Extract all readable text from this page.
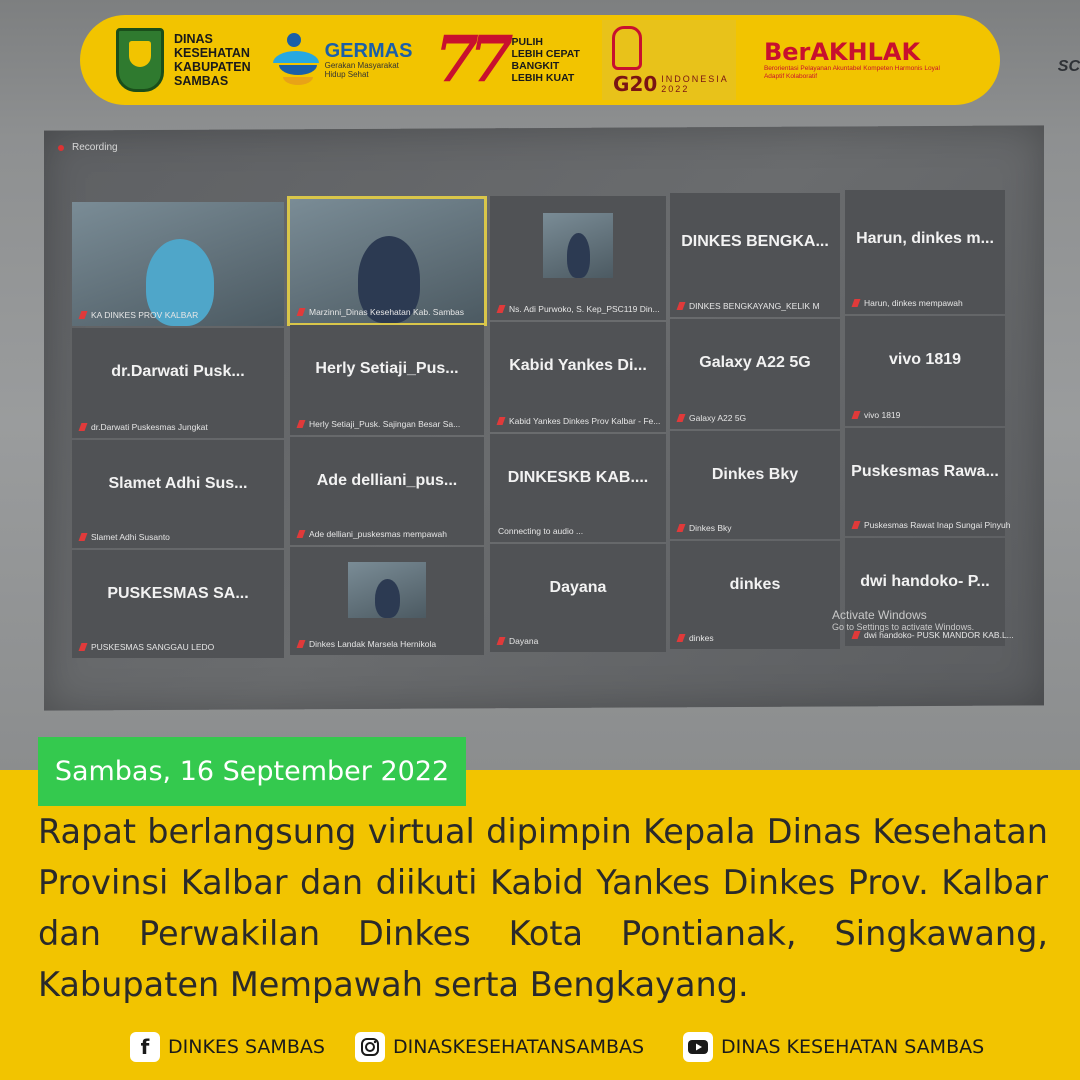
SC
DINAS
KESEHATAN
KABUPATEN
SAMBAS
GERMAS
Gerakan Masyarakat
Hidup Sehat	77 PULIH
LEBIH CEPAT
BANGKIT
LEBIH KUAT G20 INDONESIA
2022
BerAKHLAK
Berorientasi Pelayanan Akuntabel Kompeten Harmonis Loyal Adaptif Kolaboratif
Recording
KA DINKES PROV KALBAR	Marzinni_Dinas Kesehatan Kab. Sambas	Ns. Adi Purwoko, S. Kep_PSC119 Din...
DINKES BENGKA...
DINKES BENGKAYANG_KELIK M
Harun, dinkes m...
Harun, dinkes mempawah
dr.Darwati Pusk...
dr.Darwati Puskesmas Jungkat
Herly Setiaji_Pus...
Herly Setiaji_Pusk. Sajingan Besar Sa...
Kabid Yankes Di...
Kabid Yankes Dinkes Prov Kalbar - Fe...
Galaxy A22 5G
Galaxy A22 5G
vivo 1819
vivo 1819
Slamet Adhi Sus...
Slamet Adhi Susanto
Ade delliani_pus...
Ade delliani_puskesmas mempawah
DINKESKB KAB....
Connecting to audio ...
Dinkes Bky
Dinkes Bky
Puskesmas Rawa...
Puskesmas Rawat Inap Sungai Pinyuh
PUSKESMAS SA...
PUSKESMAS SANGGAU LEDO	Dinkes Landak Marsela Hernikola
Dayana
Dayana
dinkes
dinkes
dwi handoko- P...
dwi handoko- PUSK MANDOR KAB.L...
Activate Windows
Go to Settings to activate Windows.
Sambas, 16 September 2022
Rapat berlangsung virtual dipimpin Kepala Dinas Kesehatan Provinsi Kalbar dan diikuti Kabid Yankes Dinkes Prov. Kalbar dan Perwakilan Dinkes Kota Pontianak, Singkawang, Kabupaten Mempawah serta Bengkayang.
f DINKES SAMBAS	DINASKESEHATANSAMBAS	DINAS KESEHATAN SAMBAS
